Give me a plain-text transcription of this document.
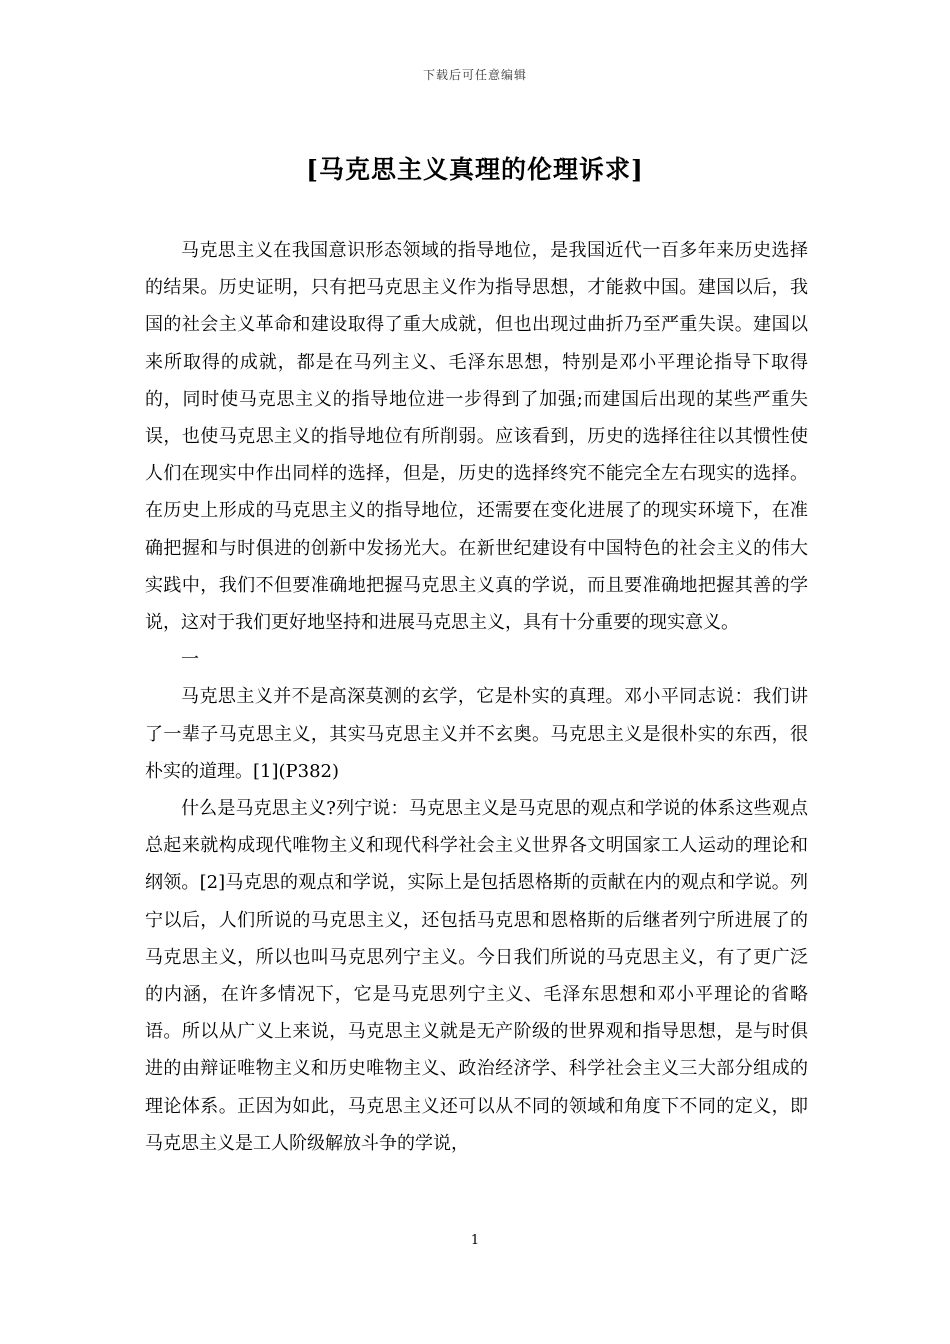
下载后可任意编辑
[马克思主义真理的伦理诉求]

马克思主义在我国意识形态领域的指导地位，是我国近代一百多年来历史选择的结果。历史证明，只有把马克思主义作为指导思想，才能救中国。建国以后，我国的社会主义革命和建设取得了重大成就，但也出现过曲折乃至严重失误。建国以来所取得的成就，都是在马列主义、毛泽东思想，特别是邓小平理论指导下取得的，同时使马克思主义的指导地位进一步得到了加强;而建国后出现的某些严重失误，也使马克思主义的指导地位有所削弱。应该看到，历史的选择往往以其惯性使人们在现实中作出同样的选择，但是，历史的选择终究不能完全左右现实的选择。在历史上形成的马克思主义的指导地位，还需要在变化进展了的现实环境下，在准确把握和与时俱进的创新中发扬光大。在新世纪建设有中国特色的社会主义的伟大实践中，我们不但要准确地把握马克思主义真的学说，而且要准确地把握其善的学说，这对于我们更好地坚持和进展马克思主义，具有十分重要的现实意义。

一

马克思主义并不是高深莫测的玄学，它是朴实的真理。邓小平同志说：我们讲了一辈子马克思主义，其实马克思主义并不玄奥。马克思主义是很朴实的东西，很朴实的道理。[1](P382)

什么是马克思主义?列宁说：马克思主义是马克思的观点和学说的体系这些观点总起来就构成现代唯物主义和现代科学社会主义世界各文明国家工人运动的理论和纲领。[2]马克思的观点和学说，实际上是包括恩格斯的贡献在内的观点和学说。列宁以后，人们所说的马克思主义，还包括马克思和恩格斯的后继者列宁所进展了的马克思主义，所以也叫马克思列宁主义。今日我们所说的马克思主义，有了更广泛的内涵，在许多情况下，它是马克思列宁主义、毛泽东思想和邓小平理论的省略语。所以从广义上来说，马克思主义就是无产阶级的世界观和指导思想，是与时俱进的由辩证唯物主义和历史唯物主义、政治经济学、科学社会主义三大部分组成的理论体系。正因为如此，马克思主义还可以从不同的领域和角度下不同的定义，即马克思主义是工人阶级解放斗争的学说，

1
